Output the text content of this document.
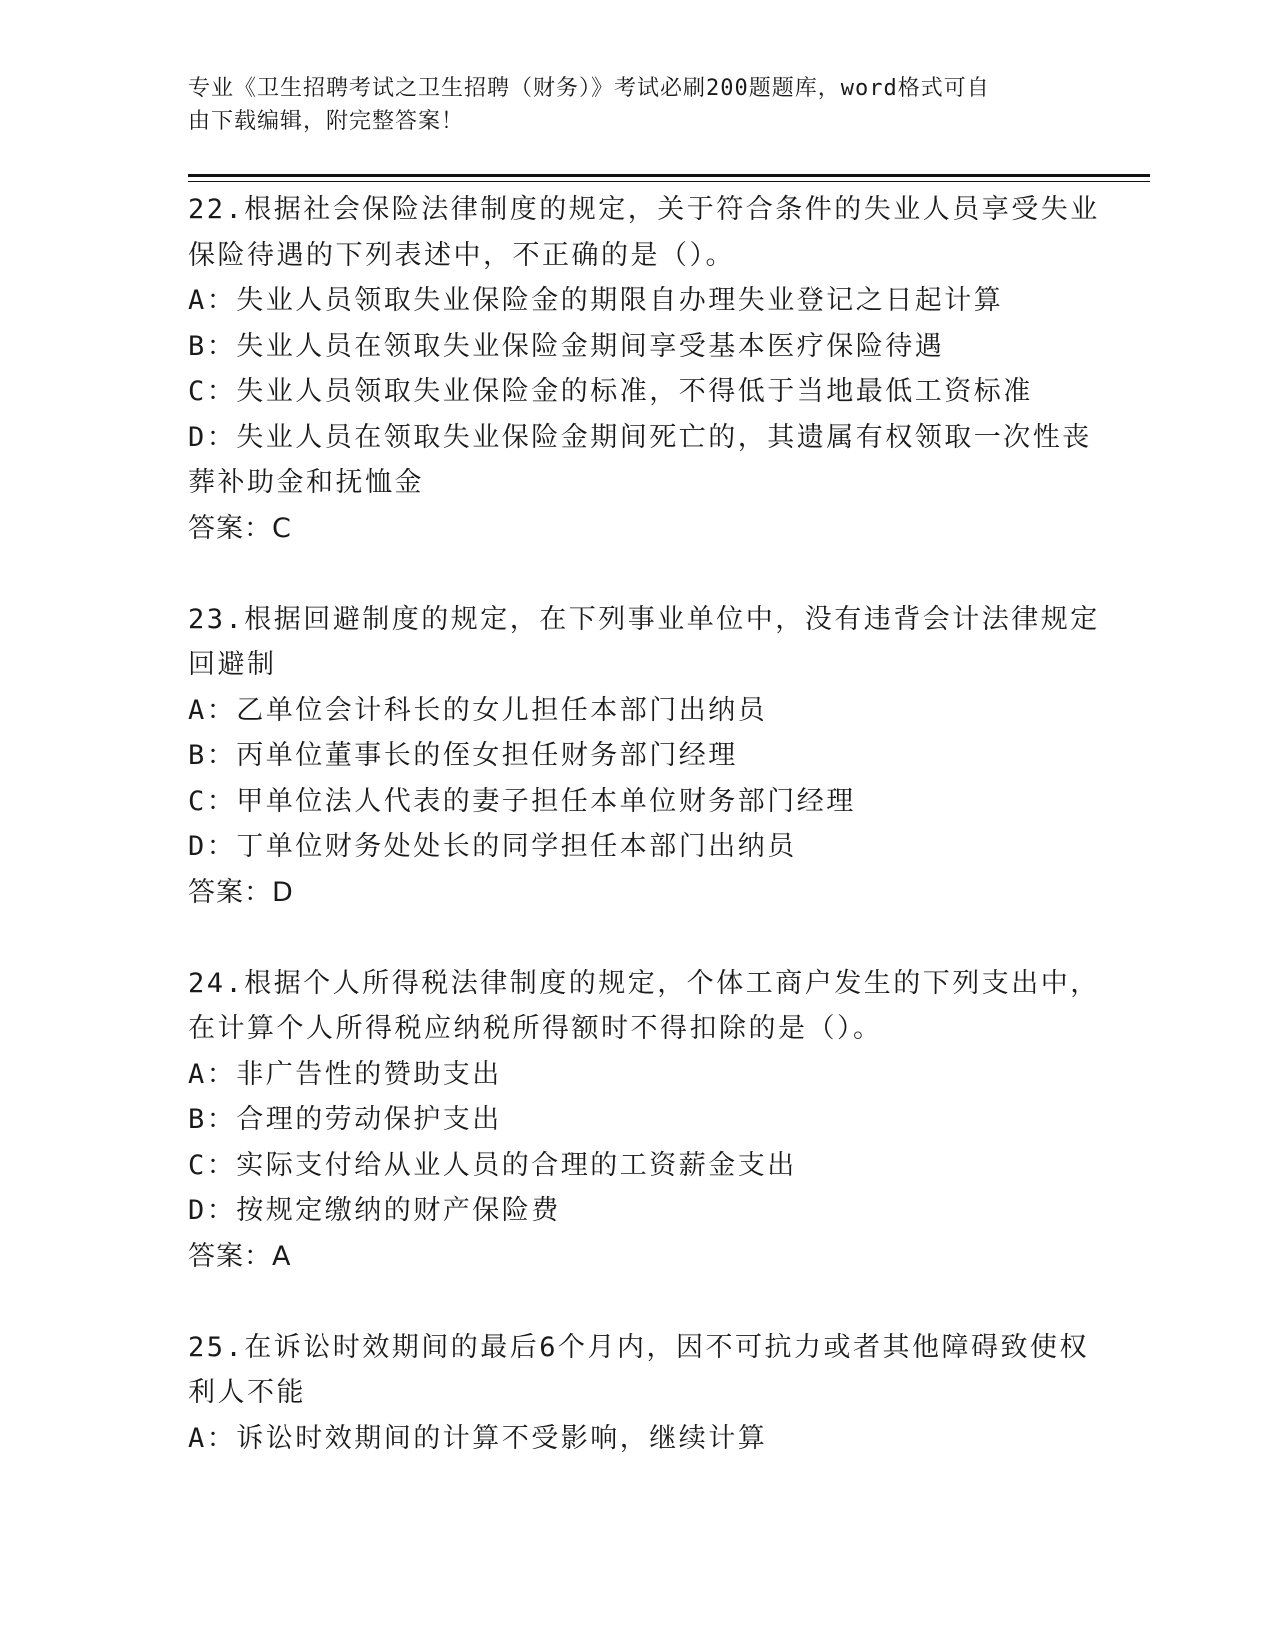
专业《卫生招聘考试之卫生招聘（财务）》考试必刷200题题库，word格式可自
由下载编辑，附完整答案！

22.根据社会保险法律制度的规定，关于符合条件的失业人员享受失业

保险待遇的下列表述中，不正确的是（）。

A：失业人员领取失业保险金的期限自办理失业登记之日起计算

B：失业人员在领取失业保险金期间享受基本医疗保险待遇

C：失业人员领取失业保险金的标准，不得低于当地最低工资标准

D：失业人员在领取失业保险金期间死亡的，其遗属有权领取一次性丧

葬补助金和抚恤金

答案：C

23.根据回避制度的规定，在下列事业单位中，没有违背会计法律规定

回避制

A：乙单位会计科长的女儿担任本部门出纳员

B：丙单位董事长的侄女担任财务部门经理

C：甲单位法人代表的妻子担任本单位财务部门经理

D：丁单位财务处处长的同学担任本部门出纳员

答案：D

24.根据个人所得税法律制度的规定，个体工商户发生的下列支出中，

在计算个人所得税应纳税所得额时不得扣除的是（）。

A：非广告性的赞助支出

B：合理的劳动保护支出

C：实际支付给从业人员的合理的工资薪金支出

D：按规定缴纳的财产保险费

答案：A

25.在诉讼时效期间的最后6个月内，因不可抗力或者其他障碍致使权

利人不能

A：诉讼时效期间的计算不受影响，继续计算
